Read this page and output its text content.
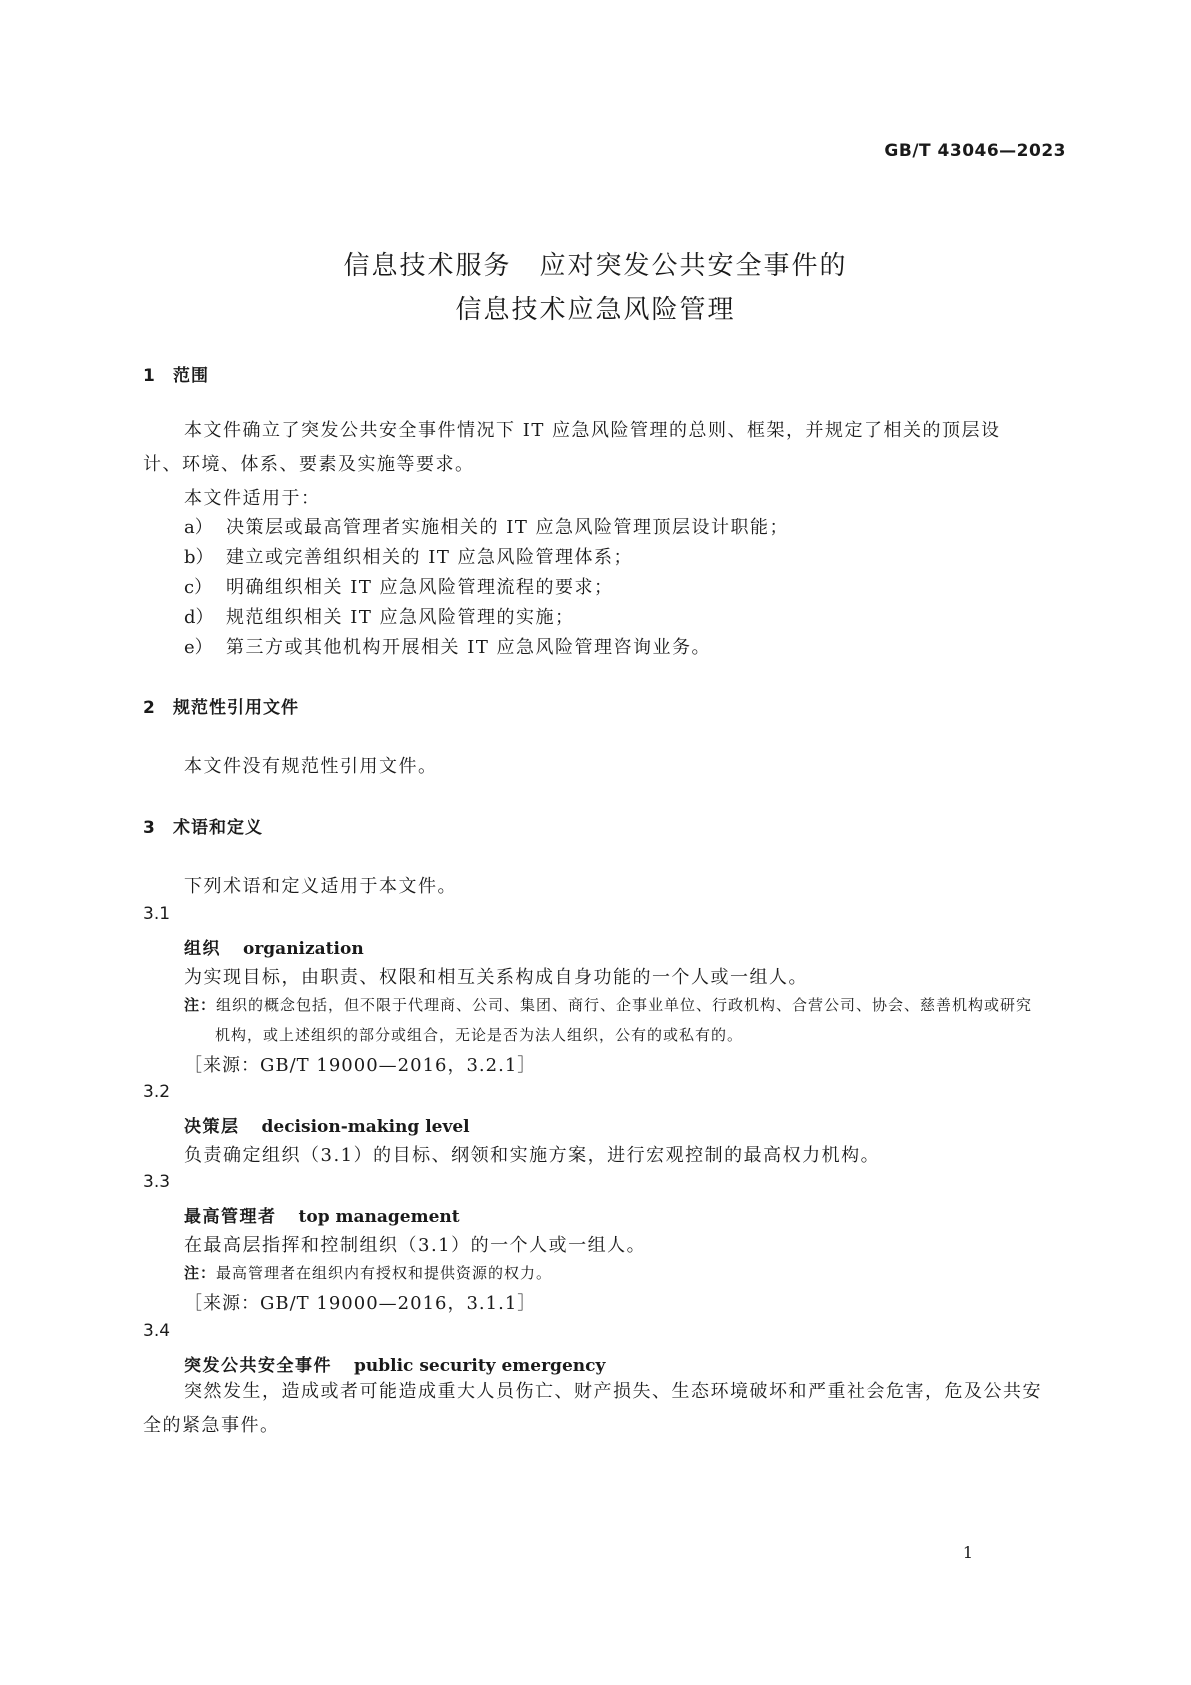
GB/T 43046—2023
信息技术服务　应对突发公共安全事件的
信息技术应急风险管理
1 范围
本文件确立了突发公共安全事件情况下 IT 应急风险管理的总则、框架，并规定了相关的顶层设
计、环境、体系、要素及实施等要求。
本文件适用于：
a） 决策层或最高管理者实施相关的 IT 应急风险管理顶层设计职能；
b） 建立或完善组织相关的 IT 应急风险管理体系；
c） 明确组织相关 IT 应急风险管理流程的要求；
d） 规范组织相关 IT 应急风险管理的实施；
e） 第三方或其他机构开展相关 IT 应急风险管理咨询业务。
2 规范性引用文件
本文件没有规范性引用文件。
3 术语和定义
下列术语和定义适用于本文件。
3.1
组织 organization
为实现目标，由职责、权限和相互关系构成自身功能的一个人或一组人。
注：组织的概念包括，但不限于代理商、公司、集团、商行、企事业单位、行政机构、合营公司、协会、慈善机构或研究
机构，或上述组织的部分或组合，无论是否为法人组织，公有的或私有的。
［来源：GB/T 19000—2016，3.2.1］
3.2
决策层 decision-making level
负责确定组织（3.1）的目标、纲领和实施方案，进行宏观控制的最高权力机构。
3.3
最高管理者 top management
在最高层指挥和控制组织（3.1）的一个人或一组人。
注：最高管理者在组织内有授权和提供资源的权力。
［来源：GB/T 19000—2016，3.1.1］
3.4
突发公共安全事件 public security emergency
突然发生，造成或者可能造成重大人员伤亡、财产损失、生态环境破坏和严重社会危害，危及公共安
全的紧急事件。
1
